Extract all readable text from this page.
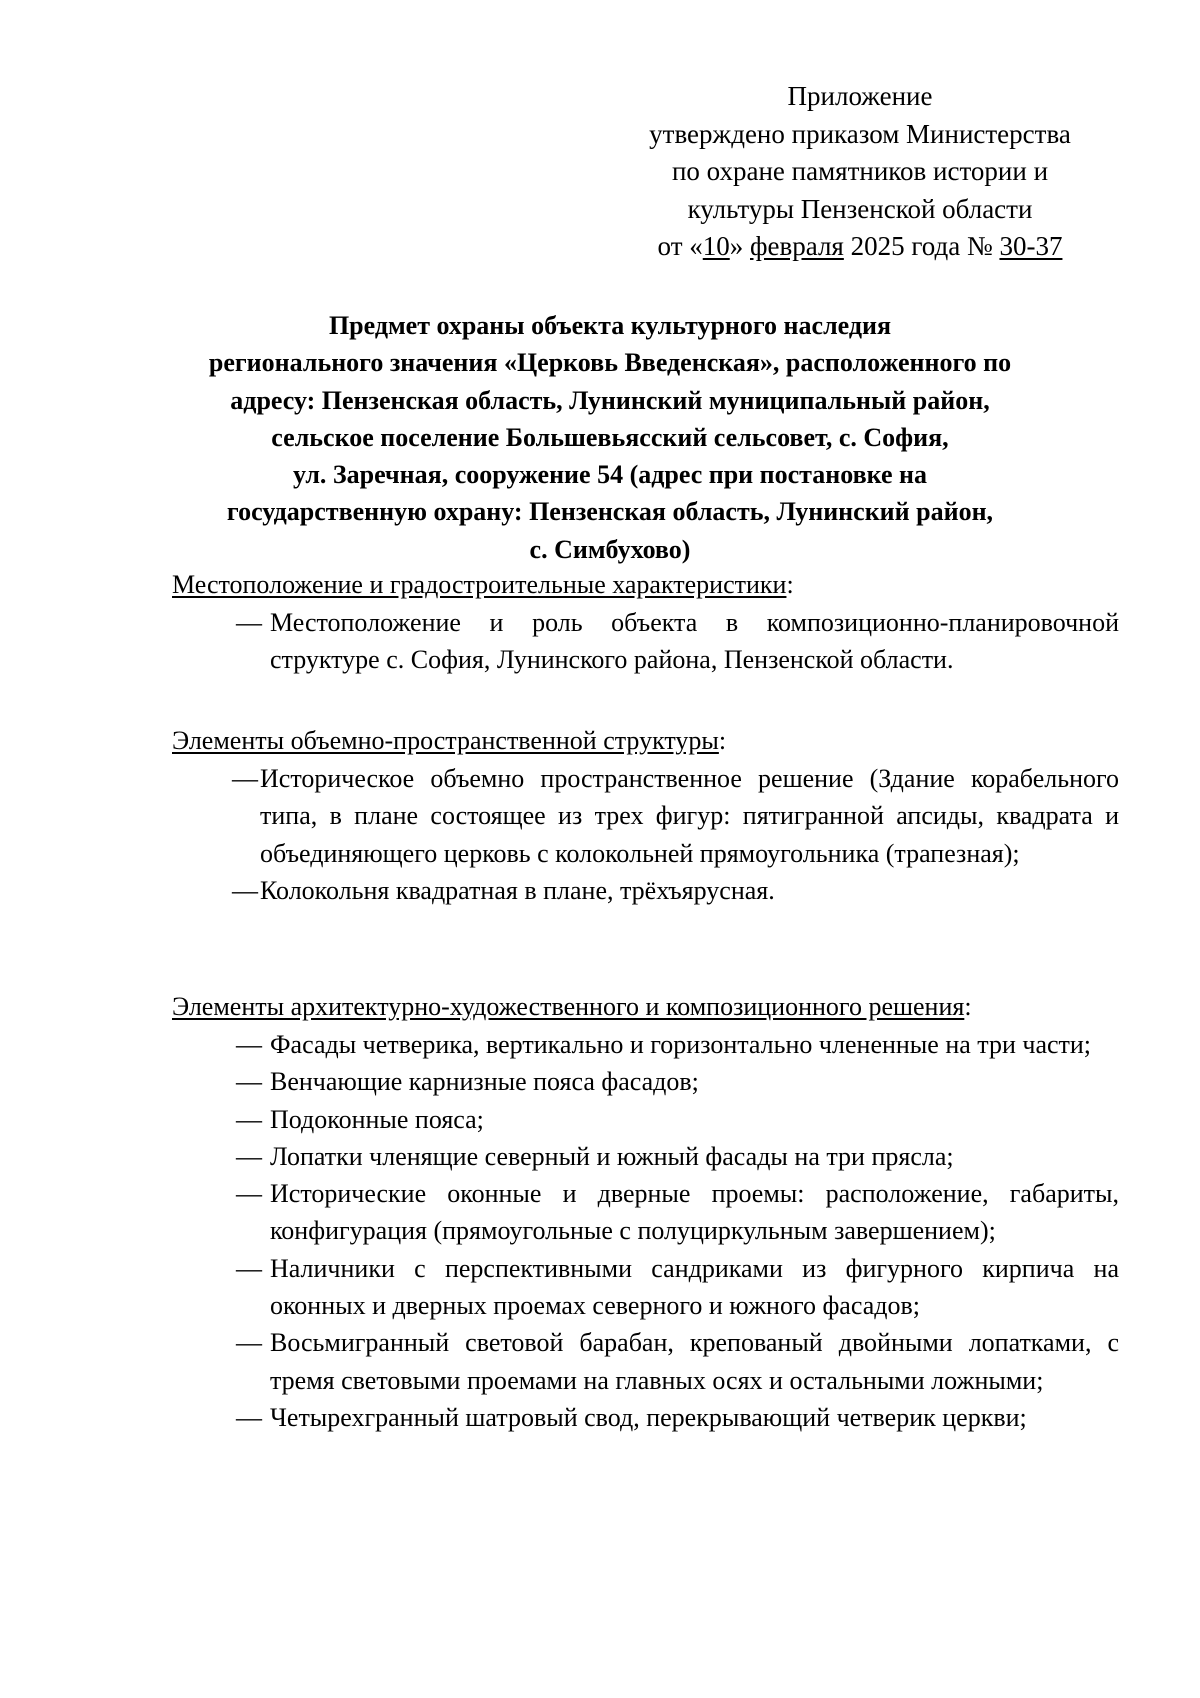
Приложение
утверждено приказом Министерства
по охране памятников истории и
культуры Пензенской области
от «10» февраля 2025 года № 30-37
Предмет охраны объекта культурного наследия
регионального значения «Церковь Введенская», расположенного по
адресу: Пензенская область, Лунинский муниципальный район,
сельское поселение Большевьясский сельсовет, с. София,
ул. Заречная, сооружение 54 (адрес при постановке на
государственную охрану: Пензенская область, Лунинский район,
с. Симбухово)
Местоположение и градостроительные характеристики:
— Местоположение и роль объекта в композиционно-планировочной структуре с. София, Лунинского района, Пензенской области.
Элементы объемно-пространственной структуры:
— Историческое объемно пространственное решение (Здание корабельного типа, в плане состоящее из трех фигур: пятигранной апсиды, квадрата и объединяющего церковь с колокольней прямоугольника (трапезная);
— Колокольня квадратная в плане, трёхъярусная.
Элементы архитектурно-художественного и композиционного решения:
— Фасады четверика, вертикально и горизонтально члененные на три части;
— Венчающие карнизные пояса фасадов;
— Подоконные пояса;
— Лопатки членящие северный и южный фасады на три прясла;
— Исторические оконные и дверные проемы: расположение, габариты, конфигурация (прямоугольные с полуциркульным завершением);
— Наличники с перспективными сандриками из фигурного кирпича на оконных и дверных проемах северного и южного фасадов;
— Восьмигранный световой барабан, крепованый двойными лопатками, с тремя световыми проемами на главных осях и остальными ложными;
— Четырехгранный шатровый свод, перекрывающий четверик церкви;
